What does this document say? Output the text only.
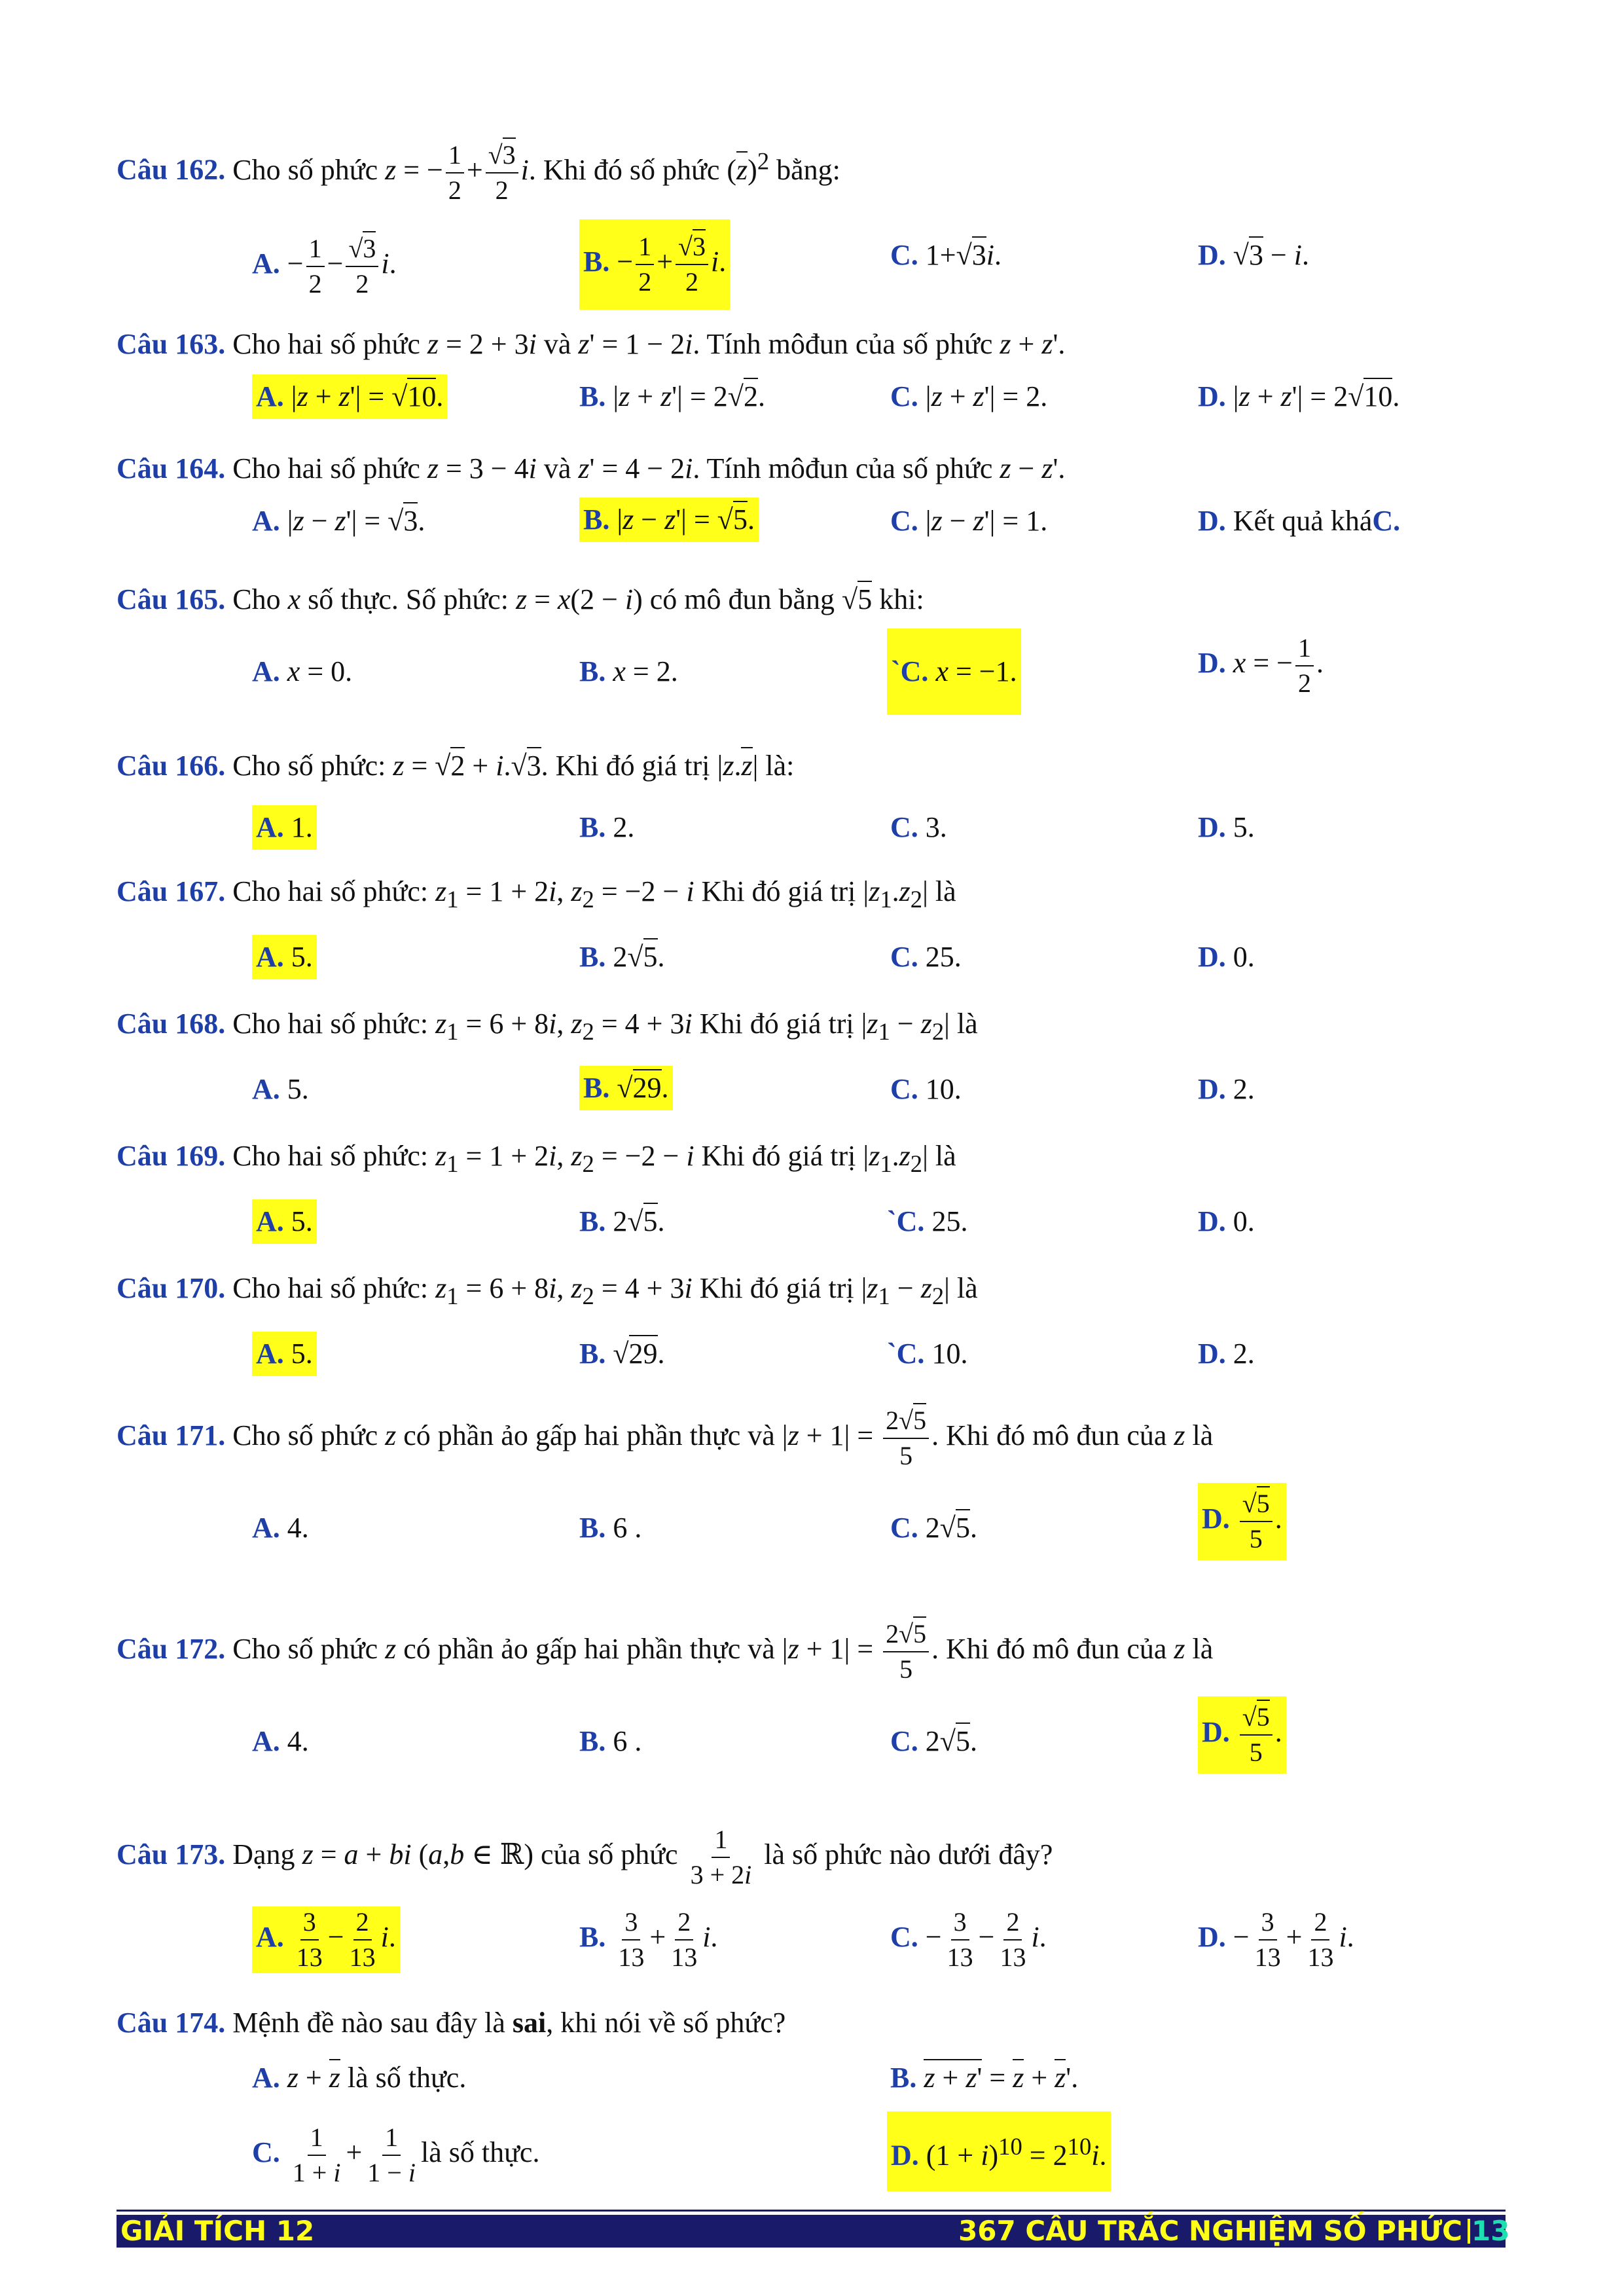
Câu 162. Cho số phức z = − $\frac{1}{2} + \frac{√3}{2} i$. Khi đó số phức $(z)^2$ bằng:
A. − $\frac{1}{2} - \frac{√3}{2} i$.	B. − $\frac{1}{2} + \frac{√3}{2} i$.	C. 1+√3i.	D. √3 − i.
Câu 163. Cho hai số phức z = 2 + 3i và z' = 1 − 2i. Tính môđun của số phức z + z'.
A. |z + z'| = √10.	B. |z + z'| = 2√2.	C. |z + z'| = 2.	D. |z + z'| = 2√10.
Câu 164. Cho hai số phức z = 3 − 4i và z' = 4 − 2i. Tính môđun của số phức z − z'.
A. |z − z'| = √3.	B. |z − z'| = √5.	C. |z − z'| = 1.	D. Kết quả kháC.
Câu 165. Cho x số thực. Số phức: z = x(2 − i) có mô đun bằng √5 khi:
A. x = 0.	B. x = 2.	`C. x = −1.	D. x = − $\frac{1}{2}$ .
Câu 166. Cho số phức: z = √2 + i.√3. Khi đó giá trị |z.z| là:
A. 1.	B. 2.	C. 3.	D. 5.
Câu 167. Cho hai số phức: $z_1 = 1 + 2i$, $z_2 = -2 - i$ Khi đó giá trị $|z_1.z_2|$ là
A. 5.	B. 2√5.	C. 25.	D. 0.
Câu 168. Cho hai số phức: $z_1 = 6 + 8i$, $z_2 = 4 + 3i$ Khi đó giá trị $|z_1 - z_2|$ là
A. 5.	B. √29.	C. 10.	D. 2.
Câu 169. Cho hai số phức: $z_1 = 1 + 2i$, $z_2 = -2 - i$ Khi đó giá trị $|z_1.z_2|$ là
A. 5.	B. 2√5.	`C. 25.	D. 0.
Câu 170. Cho hai số phức: $z_1 = 6 + 8i$, $z_2 = 4 + 3i$ Khi đó giá trị $|z_1 - z_2|$ là
A. 5.	B. √29.	`C. 10.	D. 2.
Câu 171. Cho số phức z có phần ảo gấp hai phần thực và $|z + 1| = \frac{2√5}{5}$ . Khi đó mô đun của z là
A. 4.	B. 6 .	C. 2√5.	D. $\frac{√5}{5}$ .
Câu 172. Cho số phức z có phần ảo gấp hai phần thực và $|z + 1| = \frac{2√5}{5}$ . Khi đó mô đun của z là
A. 4.	B. 6 .	C. 2√5.	D. $\frac{√5}{5}$ .
Câu 173. Dạng z = a + bi (a,b ∈ ℝ) của số phức $\frac{1}{3 + 2i}$ là số phức nào dưới đây?
A. $\frac{3}{13} - \frac{2}{13} i$.	B. $\frac{3}{13} + \frac{2}{13} i$.	C. − $\frac{3}{13} - \frac{2}{13} i$.	D. − $\frac{3}{13} + \frac{2}{13} i$.
Câu 174. Mệnh đề nào sau đây là sai, khi nói về số phức?
A. z + z là số thực.	B. z + z' = z + z'.
C. $\frac{1}{1 + i} + \frac{1}{1 - i}$ là số thực.	D. $(1 + i)^{10} = 2^{10}i$.
GIẢI TÍCH 12	367 CÂU TRẮC NGHIỆM SỐ PHỨC 13
